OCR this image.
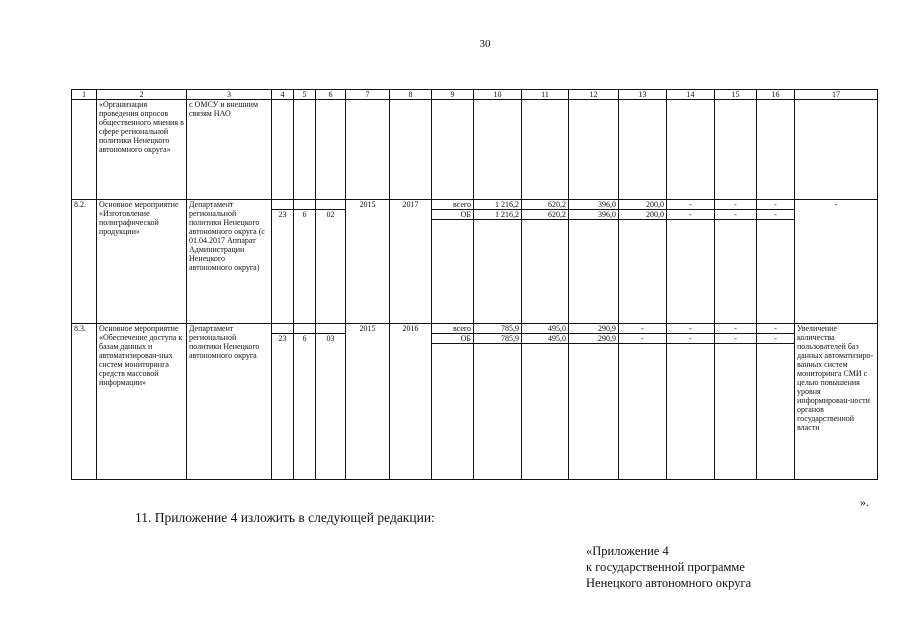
30
1	2	3	4	5	6	7	8	9	10	11	12	13	14	15	16	17
	«Организация проведения опросов общественного мнения в сфере региональной политики Ненецкого автономного округа»	с ОМСУ и внешним связям НАО														
8.2.	Основное мероприятие «Изготовление полиграфической продукции»	Департамент региональной политики Ненецкого автономного округа (с 01.04.2017 Аппарат Администрации Ненецкого автономного округа)				2015	2017	всего	1 216,2	620,2	396,0	200,0	-	-	-	-
			23	6	02			ОБ	1 216,2	620,2	396,0	200,0	-	-	-	

8.3.	Основное мероприятие «Обеспечение доступа к базам данных и автоматизирован-ных систем мониторинга средств массовой информации»	Департамент региональной политики Ненецкого автономного округа				2015	2016	всего	785,9	495,0	290,9	-	-	-	-	Увеличение количества пользователей баз данных автоматизиро-ванных систем мониторинга СМИ с целью повышения уровня информирован-ности органов государственной власти
			23	6	03			ОБ	785,9	495,0	290,9	-	-	-	-	

».
11. Приложение 4 изложить в следующей редакции:
«Приложение 4
к государственной программе
Ненецкого автономного округа
